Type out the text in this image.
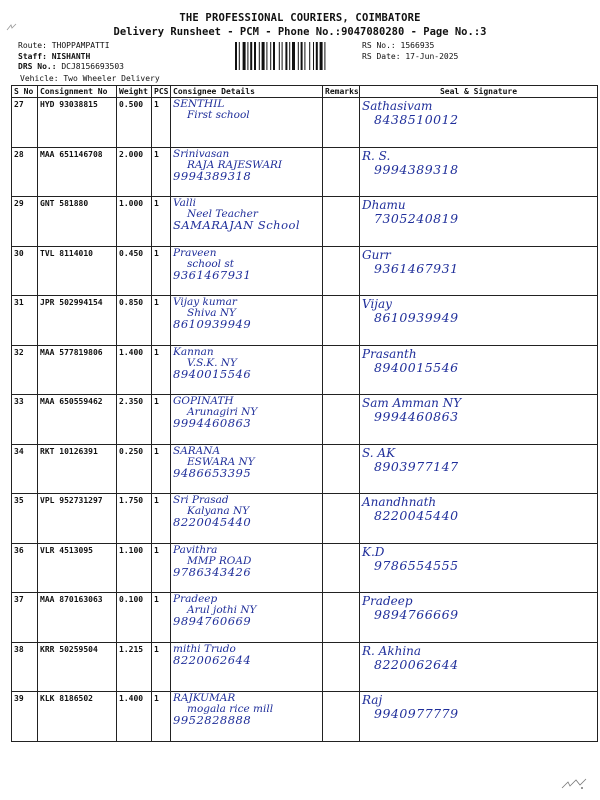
THE PROFESSIONAL COURIERS, COIMBATORE
Delivery Runsheet - PCM - Phone No.:9047080280 - Page No.:3
Route: THOPPAMPATTI
Staff: NISHANTH
DRS No.: DCJ8156693503
RS No.: 1566935
RS Date: 17-Jun-2025
Vehicle: Two Wheeler Delivery
S No	Consignment No	Weight	PCS	Consignee Details	Remarks	Seal & Signature
27	HYD 93038815	0.500	1	SENTHIL
First school		Sathasivam
8438510012

28	MAA 651146708	2.000	1	Srinivasan
RAJA RAJESWARI
9994389318		R. S.
9994389318

29	GNT 581880	1.000	1	Valli
Neel Teacher
SAMARAJAN School		Dhamu
7305240819

30	TVL 8114010	0.450	1	Praveen
school st
9361467931		Gurr
9361467931

31	JPR 502994154	0.850	1	Vijay kumar
Shiva NY
8610939949		Vijay
8610939949

32	MAA 577819806	1.400	1	Kannan
V.S.K. NY
8940015546		Prasanth
8940015546

33	MAA 650559462	2.350	1	GOPINATH
Arunagiri NY
9994460863		Sam Amman NY
9994460863

34	RKT 10126391	0.250	1	SARANA
ESWARA NY
9486653395		S. AK
8903977147

35	VPL 952731297	1.750	1	Sri Prasad
Kalyana NY
8220045440		Anandhnath
8220045440

36	VLR 4513095	1.100	1	Pavithra
MMP ROAD
9786343426		K.D
9786554555

37	MAA 870163063	0.100	1	Pradeep
Arul jothi NY
9894760669		Pradeep
9894766669

38	KRR 50259504	1.215	1	mithi Trudo
8220062644		R. Akhina
8220062644

39	KLK 8186502	1.400	1	RAJKUMAR
mogala rice mill
9952828888		Raj
9940977779
